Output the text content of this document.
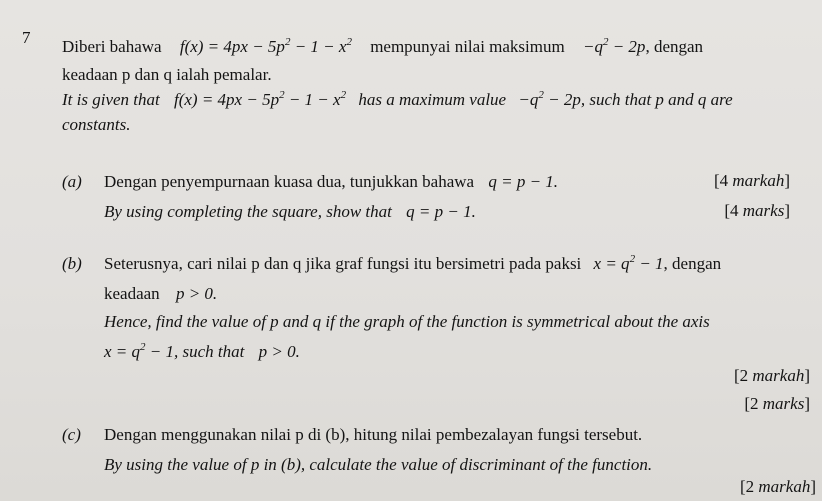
7 Diberi bahawa $f(x) = 4px - 5p^2 - 1 - x^2$ mempunyai nilai maksimum $-q^2 - 2p$, dengan
keadaan p dan q ialah pemalar.
It is given that $f(x) = 4px - 5p^2 - 1 - x^2$ has a maximum value $-q^2 - 2p$, such that p and q are
constants.
(a) Dengan penyempurnaan kuasa dua, tunjukkan bahawa q = p − 1.	[4 markah]
By using completing the square, show that q = p − 1.	[4 marks]
(b) Seterusnya, cari nilai p dan q jika graf fungsi itu bersimetri pada paksi $x = q^2 - 1$, dengan
keadaan p > 0.
Hence, find the value of p and q if the graph of the function is symmetrical about the axis
$x = q^2 - 1$, such that p > 0.
[2 markah]
[2 marks]
(c) Dengan menggunakan nilai p di (b), hitung nilai pembezalayan fungsi tersebut.
By using the value of p in (b), calculate the value of discriminant of the function.
[2 markah]
